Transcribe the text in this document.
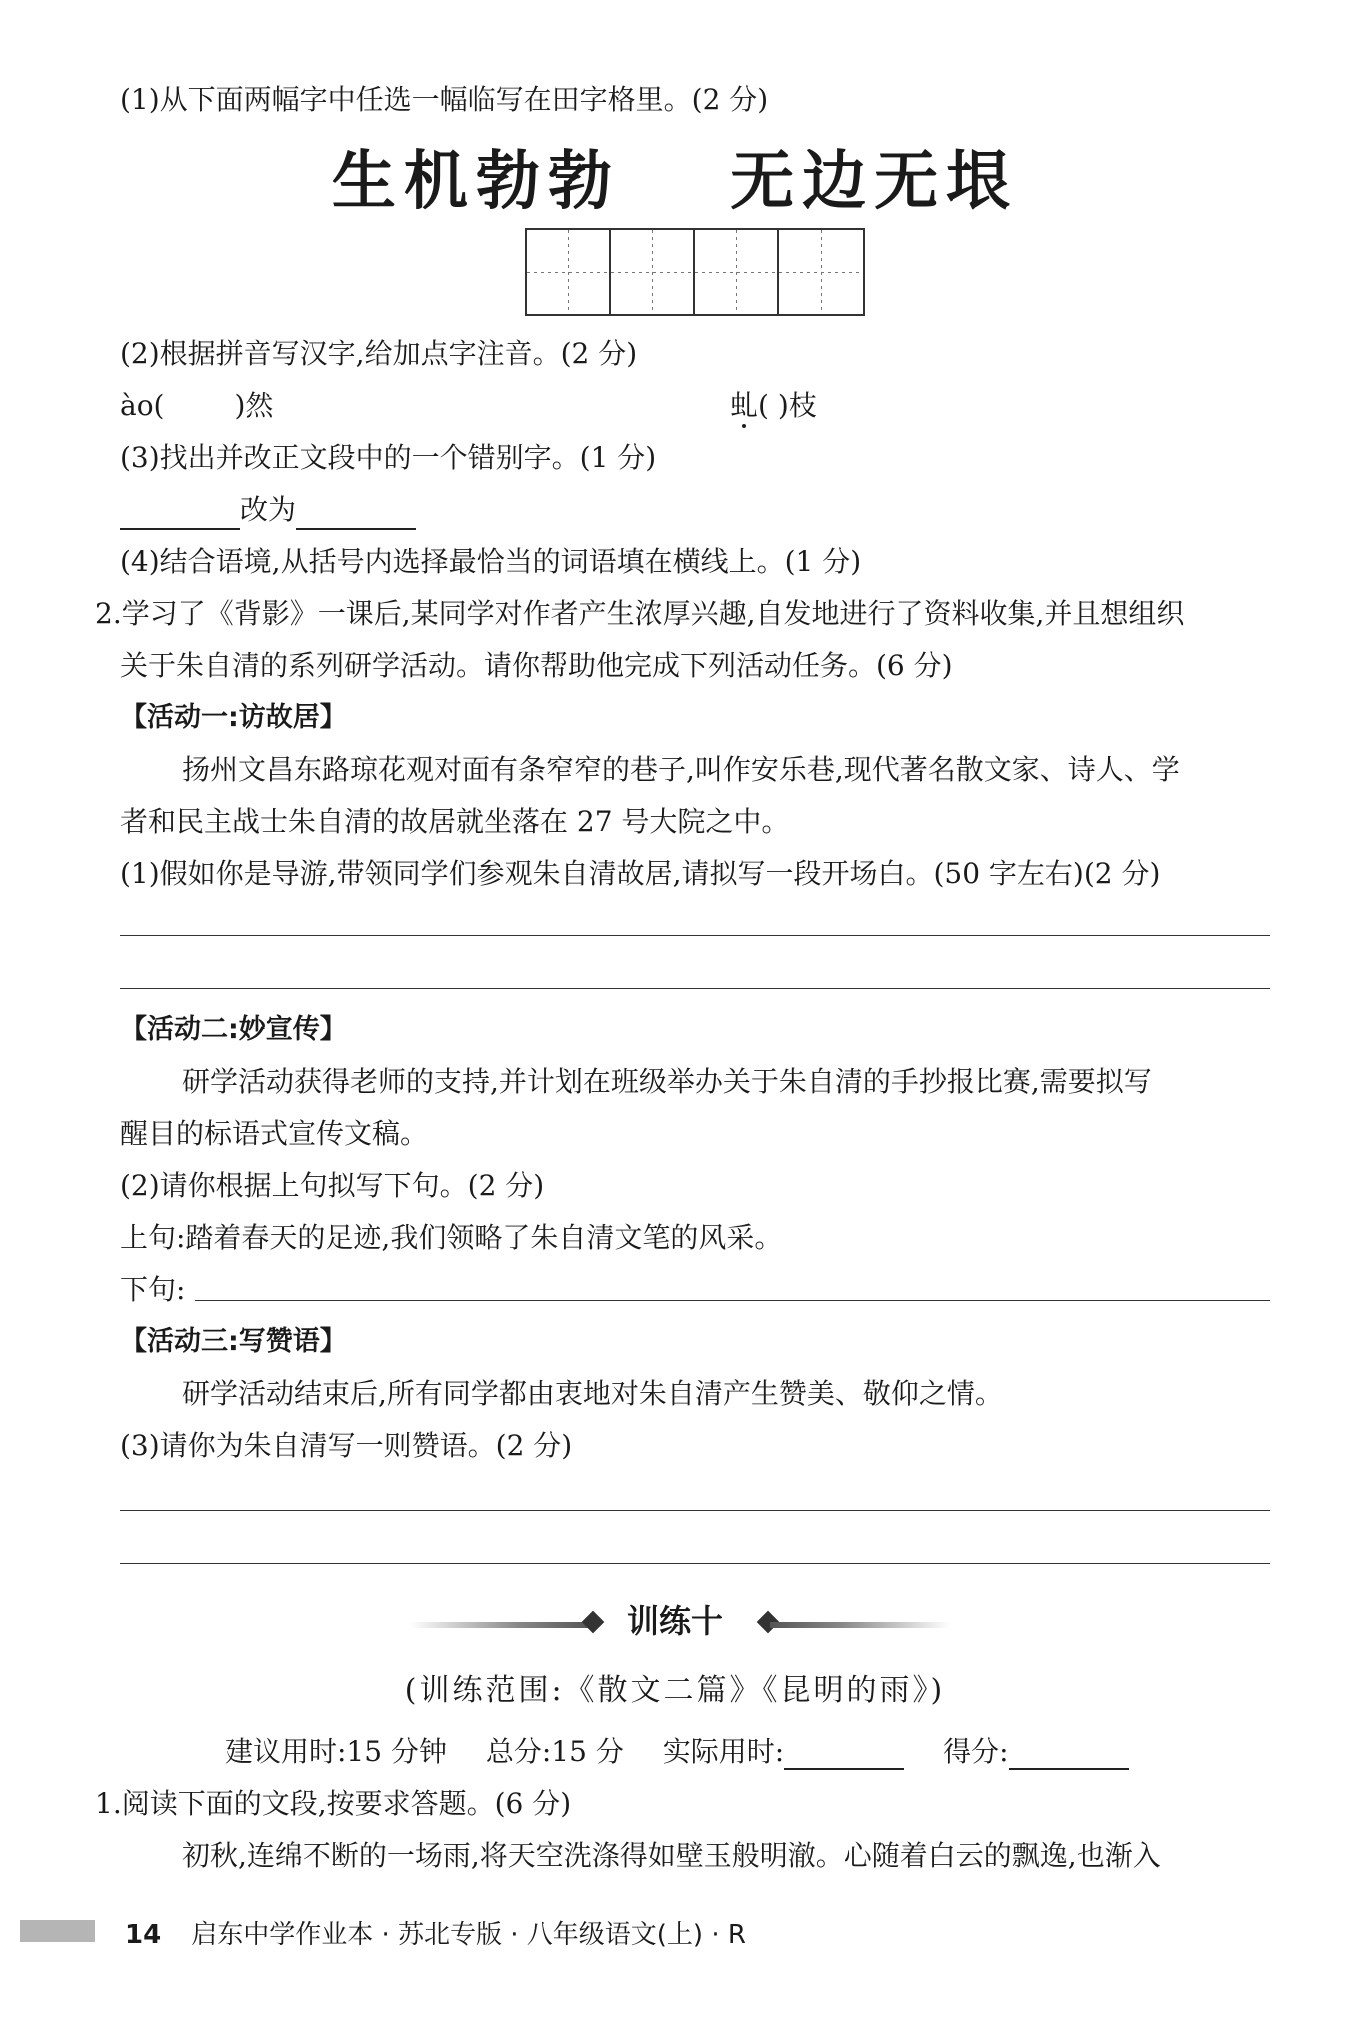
(1)从下面两幅字中任选一幅临写在田字格里。(2 分)
生机勃勃 无边无垠
(2)根据拼音写汉字,给加点字注音。(2 分)
ào(	)然	虬( )枝
(3)找出并改正文段中的一个错别字。(1 分)
改为
(4)结合语境,从括号内选择最恰当的词语填在横线上。(1 分)
2.学习了《背影》一课后,某同学对作者产生浓厚兴趣,自发地进行了资料收集,并且想组织
关于朱自清的系列研学活动。请你帮助他完成下列活动任务。(6 分)
【活动一:访故居】
扬州文昌东路琼花观对面有条窄窄的巷子,叫作安乐巷,现代著名散文家、诗人、学
者和民主战士朱自清的故居就坐落在 27 号大院之中。
(1)假如你是导游,带领同学们参观朱自清故居,请拟写一段开场白。(50 字左右)(2 分)
【活动二:妙宣传】
研学活动获得老师的支持,并计划在班级举办关于朱自清的手抄报比赛,需要拟写
醒目的标语式宣传文稿。
(2)请你根据上句拟写下句。(2 分)
上句:踏着春天的足迹,我们领略了朱自清文笔的风采。
下句:
【活动三:写赞语】
研学活动结束后,所有同学都由衷地对朱自清产生赞美、敬仰之情。
(3)请你为朱自清写一则赞语。(2 分)
训练十
(训练范围:《散文二篇》《昆明的雨》)
建议用时:15 分钟 总分:15 分 实际用时:	得分:
1.阅读下面的文段,按要求答题。(6 分)
初秋,连绵不断的一场雨,将天空洗涤得如壁玉般明澈。心随着白云的飘逸,也渐入
14 启东中学作业本 · 苏北专版 · 八年级语文(上) · R
